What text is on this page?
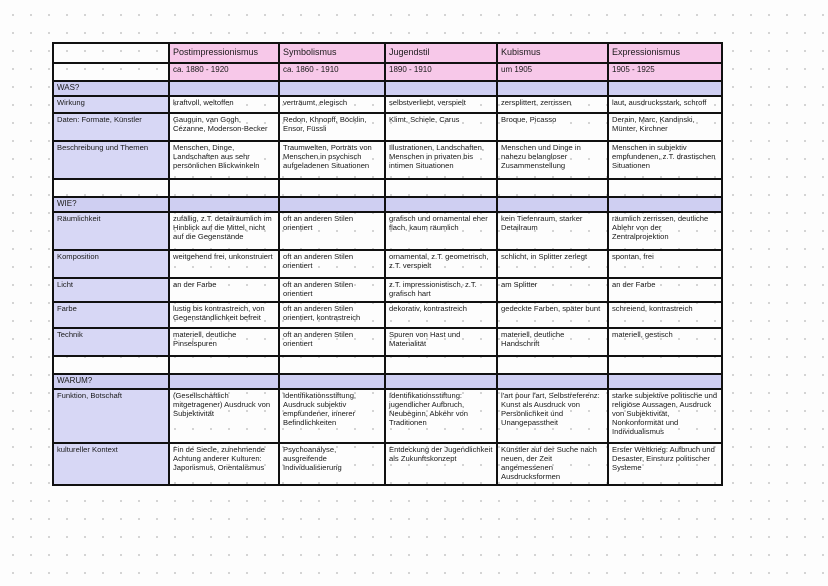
	Postimpressionismus	Symbolismus	Jugendstil	Kubismus	Expressionismus
	ca. 1880 - 1920	ca. 1860 - 1910	1890 - 1910	um 1905	1905 - 1925
WAS?					
Wirkung	kraftvoll, weltoffen	verträumt, elegisch	selbstverliebt, verspielt	zersplittert, zerrissen	laut, ausdrucksstark, schroff
Daten: Formate, Künstler	Gauguin, van Gogh, Cézanne, Moderson-Becker	Redon, Khnopff, Böcklin, Ensor, Füssli	Klimt, Schiele, Carus	Broque, Picasso	Derain, Marc, Kandinski, Münter, Kirchner
Beschreibung und Themen	Menschen, Dinge, Landschaften aus sehr persönlichen Blickwinkeln	Traumwelten, Porträts von Menschen in psychisch aufgeladenen Situationen	Illustrationen, Landschaften, Menschen in privaten bis intimen Situationen	Menschen und Dinge in nahezu belangloser Zusammenstellung	Menschen in subjektiv empfundenen, z.T. drastischen Situationen

WIE?					
Räumlichkeit	zufällig, z.T. detailräumlich im Hinblick auf die Mittel, nicht auf die Gegenstände	oft an anderen Stilen orientiert	grafisch und ornamental eher flach, kaum räumlich	kein Tiefenraum, starker Detailraum	räumlich zerrissen, deutliche Ablehr von der Zentralprojektion
Komposition	weitgehend frei, unkonstruiert	oft an anderen Stilen orientiert	ornamental, z.T. geometrisch, z.T. verspielt	schlicht, in Splitter zerlegt	spontan, frei
Licht	an der Farbe	oft an anderen Stilen orientiert	z.T. impressionistisch, z.T. grafisch hart	am Splitter	an der Farbe
Farbe	lustig bis kontrastreich, von Gegenständlichkeit befreit	oft an anderen Stilen orientiert, kontrastreich	dekorativ, kontrastreich	gedeckte Farben, später bunt	schreiend, kontrastreich
Technik	materiell, deutliche Pinselspuren	oft an anderen Stilen orientiert	Spuren von Hast und Materialität	materiell, deutliche Handschrift	materiell, gestisch

WARUM?					
Funktion, Botschaft	(Gesellschaftlich mitgetragener) Ausdruck von Subjektivität	Identifikationsstiftung, Ausdruck subjektiv empfundener, innerer Befindlichkeiten	Identifikationsstiftung: jugendlicher Aufbruch, Neubeginn, Abkehr von Traditionen	l'art pour l'art, Selbstreferenz: Kunst als Ausdruck von Persönlichkeit und Unangepasstheit	starke subjektive politische und religiöse Aussagen, Ausdruck von Subjektivität, Nonkonformität und Individualismus
kultureller Kontext	Fin de Siecle, zunehmende Achtung anderer Kulturen: Japonismus, Orientalismus	Psychoanalyse, ausgreifende Individualisierung	Entdeckung der Jugendlichkeit als Zukunftskonzept	Künstler auf der Suche nach neuen, der Zeit angemessenen Ausdrucksformen	Erster Weltkrieg: Aufbruch und Desaster, Einsturz politischer Systeme
